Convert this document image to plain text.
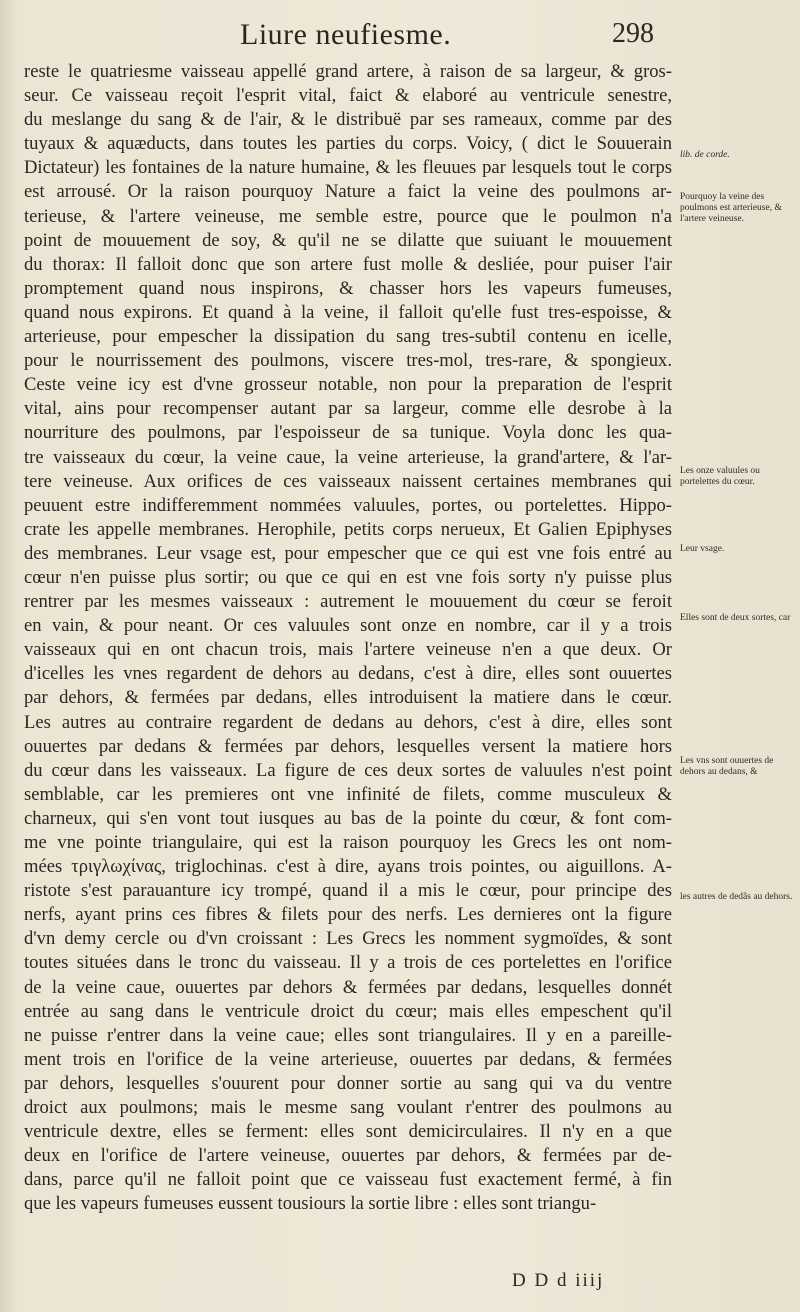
Liure neufiesme.	298
reste le quatriesme vaisseau appellé grand artere, à raison de sa largeur, & gros-
seur. Ce vaisseau reçoit l'esprit vital, faict & elaboré au ventricule senestre,
du meslange du sang & de l'air, & le distribuë par ses rameaux, comme par des
tuyaux & aquæducts, dans toutes les parties du corps. Voicy, ( dict le Souuerain
Dictateur) les fontaines de la nature humaine, & les fleuues par lesquels tout le corps
est arrousé. Or la raison pourquoy Nature a faict la veine des poulmons ar-
terieuse, & l'artere veineuse, me semble estre, pource que le poulmon n'a
point de mouuement de soy, & qu'il ne se dilatte que suiuant le mouuement
du thorax: Il falloit donc que son artere fust molle & desliée, pour puiser l'air
promptement quand nous inspirons, & chasser hors les vapeurs fumeuses,
quand nous expirons. Et quand à la veine, il falloit qu'elle fust tres-espoisse, &
arterieuse, pour empescher la dissipation du sang tres-subtil contenu en icelle,
pour le nourrissement des poulmons, viscere tres-mol, tres-rare, & spongieux.
Ceste veine icy est d'vne grosseur notable, non pour la preparation de l'esprit
vital, ains pour recompenser autant par sa largeur, comme elle desrobe à la
nourriture des poulmons, par l'espoisseur de sa tunique. Voyla donc les qua-
tre vaisseaux du cœur, la veine caue, la veine arterieuse, la grand'artere, & l'ar-
tere veineuse. Aux orifices de ces vaisseaux naissent certaines membranes qui
peuuent estre indifferemment nommées valuules, portes, ou portelettes. Hippo-
crate les appelle membranes. Herophile, petits corps nerueux, Et Galien Epiphyses
des membranes. Leur vsage est, pour empescher que ce qui est vne fois entré au
cœur n'en puisse plus sortir; ou que ce qui en est vne fois sorty n'y puisse plus
rentrer par les mesmes vaisseaux : autrement le mouuement du cœur se feroit
en vain, & pour neant. Or ces valuules sont onze en nombre, car il y a trois
vaisseaux qui en ont chacun trois, mais l'artere veineuse n'en a que deux. Or
d'icelles les vnes regardent de dehors au dedans, c'est à dire, elles sont ouuertes
par dehors, & fermées par dedans, elles introduisent la matiere dans le cœur.
Les autres au contraire regardent de dedans au dehors, c'est à dire, elles sont
ouuertes par dedans & fermées par dehors, lesquelles versent la matiere hors
du cœur dans les vaisseaux. La figure de ces deux sortes de valuules n'est point
semblable, car les premieres ont vne infinité de filets, comme musculeux &
charneux, qui s'en vont tout iusques au bas de la pointe du cœur, & font com-
me vne pointe triangulaire, qui est la raison pourquoy les Grecs les ont nom-
mées τριγλωχίνας, triglochinas. c'est à dire, ayans trois pointes, ou aiguillons. A-
ristote s'est parauanture icy trompé, quand il a mis le cœur, pour principe des
nerfs, ayant prins ces fibres & filets pour des nerfs. Les dernieres ont la figure
d'vn demy cercle ou d'vn croissant : Les Grecs les nomment sygmoïdes, & sont
toutes situées dans le tronc du vaisseau. Il y a trois de ces portelettes en l'orifice
de la veine caue, ouuertes par dehors & fermées par dedans, lesquelles donnét
entrée au sang dans le ventricule droict du cœur; mais elles empeschent qu'il
ne puisse r'entrer dans la veine caue; elles sont triangulaires. Il y en a pareille-
ment trois en l'orifice de la veine arterieuse, ouuertes par dedans, & fermées
par dehors, lesquelles s'ouurent pour donner sortie au sang qui va du ventre
droict aux poulmons; mais le mesme sang voulant r'entrer des poulmons au
ventricule dextre, elles se ferment: elles sont demicirculaires. Il n'y en a que
deux en l'orifice de l'artere veineuse, ouuertes par dehors, & fermées par de-
dans, parce qu'il ne falloit point que ce vaisseau fust exactement fermé, à fin
que les vapeurs fumeuses eussent tousiours la sortie libre : elles sont triangu-
lib. de corde.
Pourquoy la veine des poulmons est arterieuse, & l'artere veineuse.
Les onze valuules ou portelettes du cœur.
Leur vsage.
Elles sont de deux sortes, car
Les vns sont ouuertes de dehors au dedans, &
les autres de dedãs au dehors.
D D d iiij
